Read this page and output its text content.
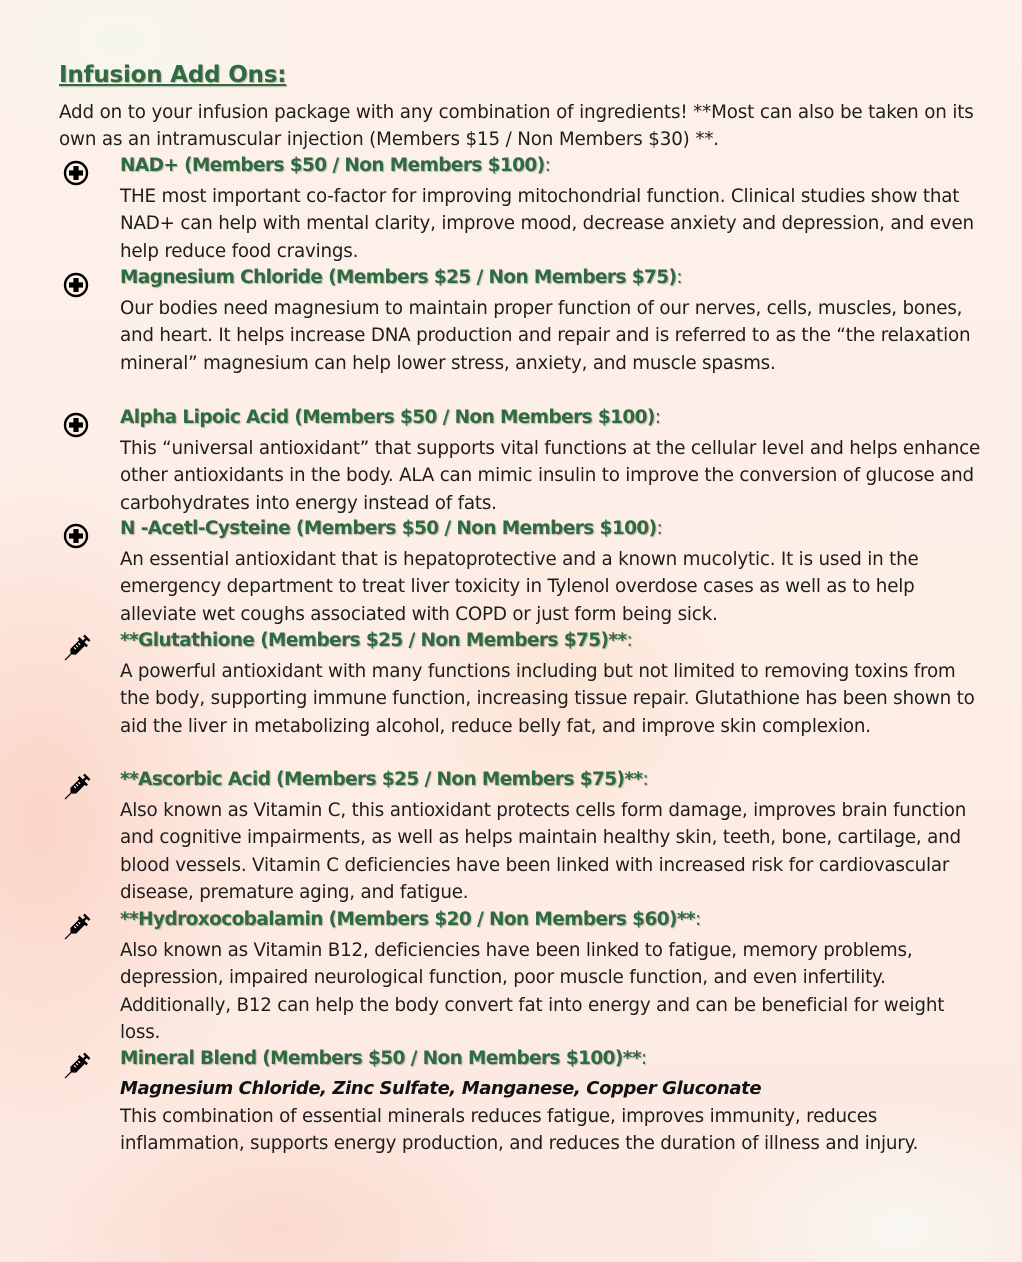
Infusion Add Ons:
Add on to your infusion package with any combination of ingredients! **Most can also be taken on its own as an intramuscular injection (Members $15 / Non Members $30) **.
NAD+ (Members $50 / Non Members $100):
THE most important co-factor for improving mitochondrial function. Clinical studies show that NAD+ can help with mental clarity, improve mood, decrease anxiety and depression, and even help reduce food cravings.
Magnesium Chloride (Members $25 / Non Members $75):
Our bodies need magnesium to maintain proper function of our nerves, cells, muscles, bones, and heart. It helps increase DNA production and repair and is referred to as the “the relaxation mineral” magnesium can help lower stress, anxiety, and muscle spasms.
Alpha Lipoic Acid (Members $50 / Non Members $100):
This “universal antioxidant” that supports vital functions at the cellular level and helps enhance other antioxidants in the body. ALA can mimic insulin to improve the conversion of glucose and carbohydrates into energy instead of fats.
N -Acetl-Cysteine (Members $50 / Non Members $100):
An essential antioxidant that is hepatoprotective and a known mucolytic. It is used in the emergency department to treat liver toxicity in Tylenol overdose cases as well as to help alleviate wet coughs associated with COPD or just form being sick.
**Glutathione (Members $25 / Non Members $75)**:
A powerful antioxidant with many functions including but not limited to removing toxins from the body, supporting immune function, increasing tissue repair. Glutathione has been shown to aid the liver in metabolizing alcohol, reduce belly fat, and improve skin complexion.
**Ascorbic Acid (Members $25 / Non Members $75)**:
Also known as Vitamin C, this antioxidant protects cells form damage, improves brain function and cognitive impairments, as well as helps maintain healthy skin, teeth, bone, cartilage, and blood vessels. Vitamin C deficiencies have been linked with increased risk for cardiovascular disease, premature aging, and fatigue.
**Hydroxocobalamin (Members $20 / Non Members $60)**:
Also known as Vitamin B12, deficiencies have been linked to fatigue, memory problems, depression, impaired neurological function, poor muscle function, and even infertility. Additionally, B12 can help the body convert fat into energy and can be beneficial for weight loss.
Mineral Blend (Members $50 / Non Members $100)**:
Magnesium Chloride, Zinc Sulfate, Manganese, Copper Gluconate
This combination of essential minerals reduces fatigue, improves immunity, reduces inflammation, supports energy production, and reduces the duration of illness and injury.
